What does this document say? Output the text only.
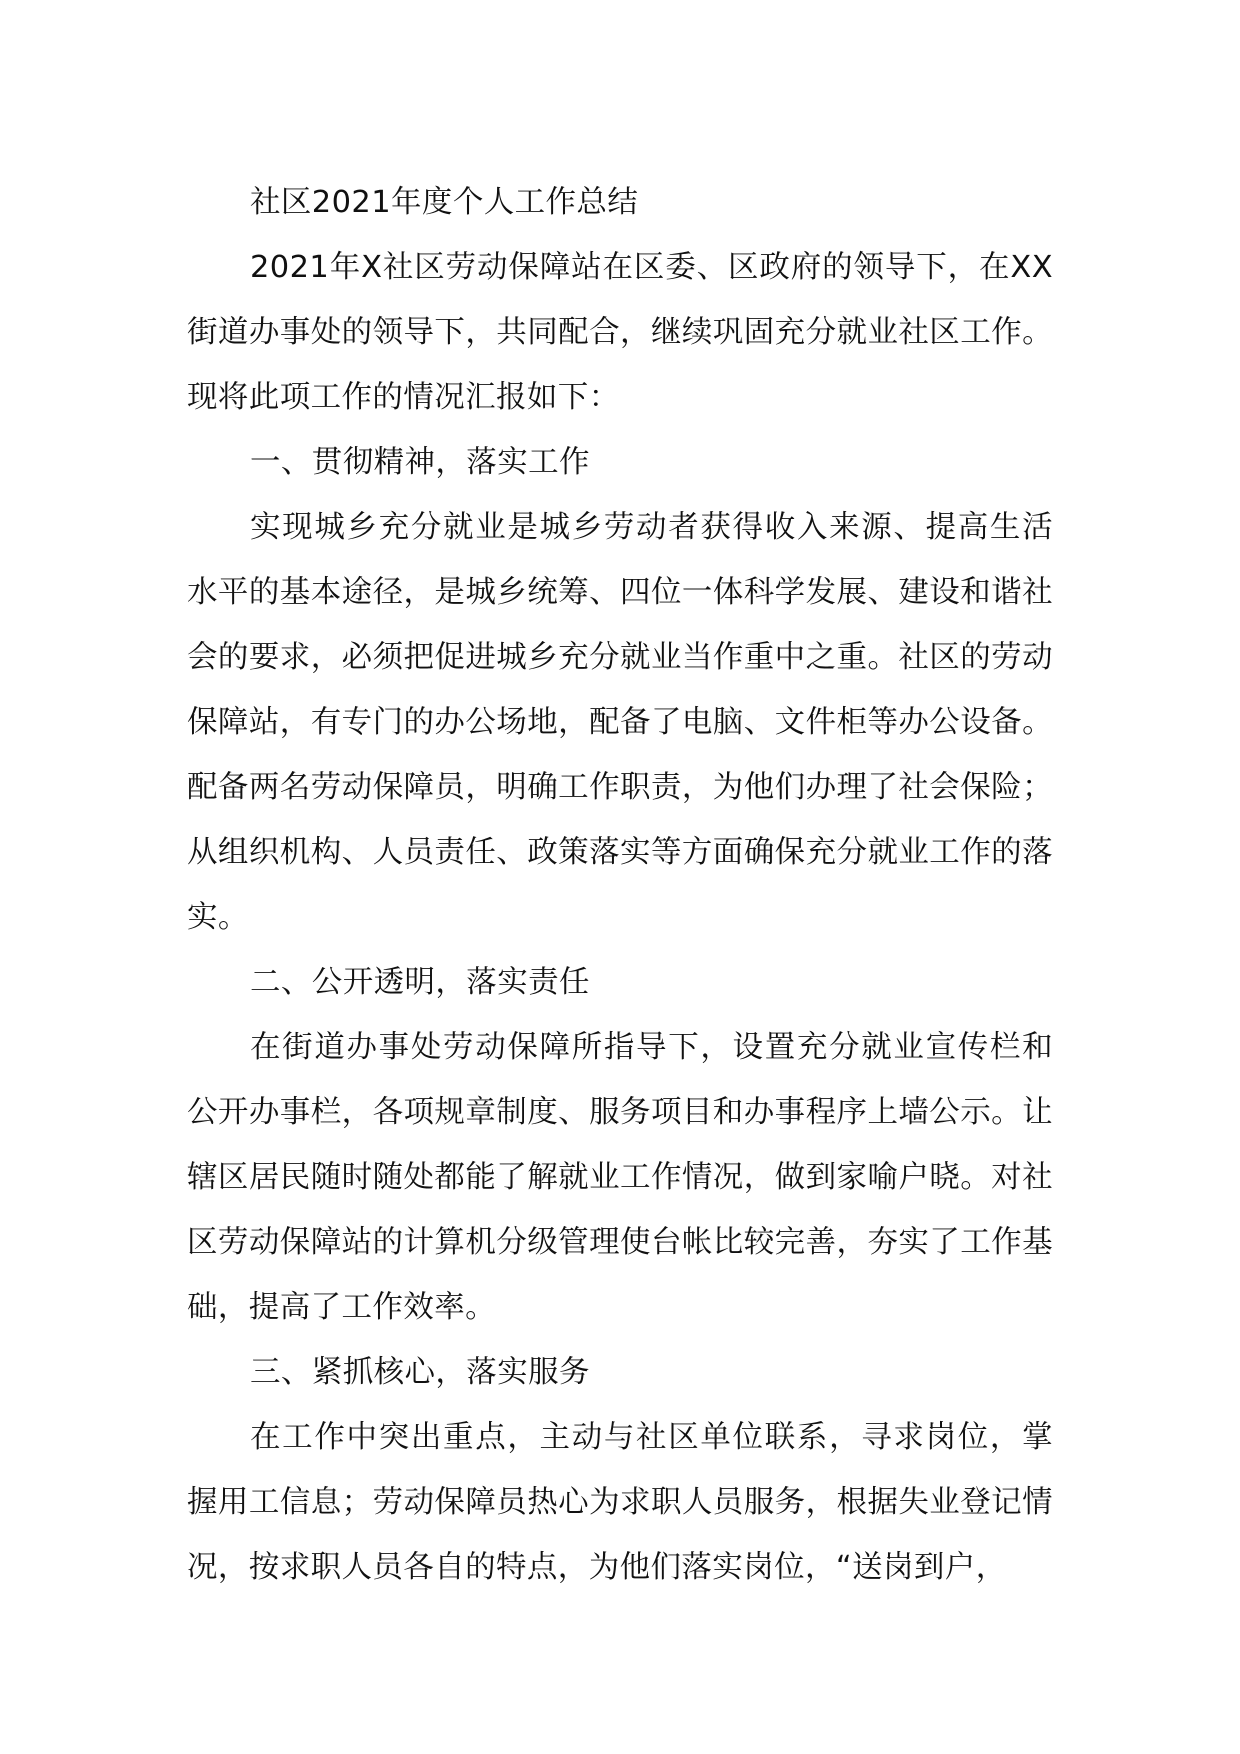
社区2021年度个人工作总结

2021年X社区劳动保障站在区委、区政府的领导下，在XX街道办事处的领导下，共同配合，继续巩固充分就业社区工作。现将此项工作的情况汇报如下：

一、贯彻精神，落实工作

实现城乡充分就业是城乡劳动者获得收入来源、提高生活水平的基本途径，是城乡统筹、四位一体科学发展、建设和谐社会的要求，必须把促进城乡充分就业当作重中之重。社区的劳动保障站，有专门的办公场地，配备了电脑、文件柜等办公设备。配备两名劳动保障员，明确工作职责，为他们办理了社会保险；从组织机构、人员责任、政策落实等方面确保充分就业工作的落实。

二、公开透明，落实责任

在街道办事处劳动保障所指导下，设置充分就业宣传栏和公开办事栏，各项规章制度、服务项目和办事程序上墙公示。让辖区居民随时随处都能了解就业工作情况，做到家喻户晓。对社区劳动保障站的计算机分级管理使台帐比较完善，夯实了工作基础，提高了工作效率。

三、紧抓核心，落实服务

在工作中突出重点，主动与社区单位联系，寻求岗位，掌握用工信息；劳动保障员热心为求职人员服务，根据失业登记情况，按求职人员各自的特点，为他们落实岗位，“送岗到户，
